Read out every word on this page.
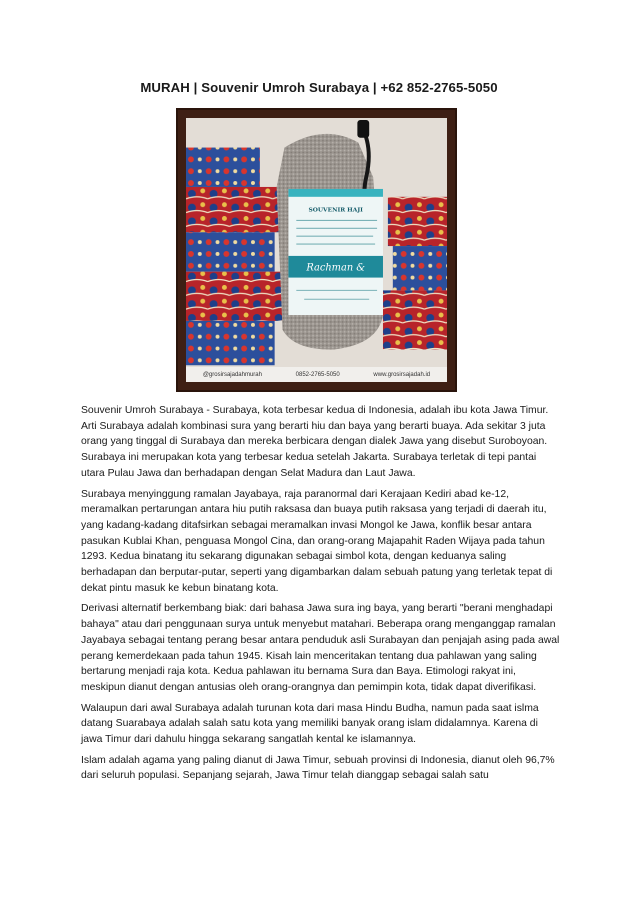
MURAH | Souvenir Umroh Surabaya | +62 852-2765-5050
SOUVENIR HAJI
Rachman &
@grosirsajadahmurah	0852-2765-5050	www.grosirsajadah.id

Souvenir Umroh Surabaya - Surabaya, kota terbesar kedua di Indonesia, adalah ibu kota Jawa Timur. Arti Surabaya adalah kombinasi sura yang berarti hiu dan baya yang berarti buaya. Ada sekitar 3 juta orang yang tinggal di Surabaya dan mereka berbicara dengan dialek Jawa yang disebut Suroboyoan. Surabaya ini merupakan kota yang terbesar kedua setelah Jakarta. Surabaya terletak di tepi pantai utara Pulau Jawa dan berhadapan dengan Selat Madura dan Laut Jawa.

Surabaya menyinggung ramalan Jayabaya, raja paranormal dari Kerajaan Kediri abad ke-12, meramalkan pertarungan antara hiu putih raksasa dan buaya putih raksasa yang terjadi di daerah itu, yang kadang-kadang ditafsirkan sebagai meramalkan invasi Mongol ke Jawa, konflik besar antara pasukan Kublai Khan, penguasa Mongol Cina, dan orang-orang Majapahit Raden Wijaya pada tahun 1293. Kedua binatang itu sekarang digunakan sebagai simbol kota, dengan keduanya saling berhadapan dan berputar-putar, seperti yang digambarkan dalam sebuah patung yang terletak tepat di dekat pintu masuk ke kebun binatang kota.

Derivasi alternatif berkembang biak: dari bahasa Jawa sura ing baya, yang berarti "berani menghadapi bahaya" atau dari penggunaan surya untuk menyebut matahari. Beberapa orang menganggap ramalan Jayabaya sebagai tentang perang besar antara penduduk asli Surabayan dan penjajah asing pada awal perang kemerdekaan pada tahun 1945. Kisah lain menceritakan tentang dua pahlawan yang saling bertarung menjadi raja kota. Kedua pahlawan itu bernama Sura dan Baya. Etimologi rakyat ini, meskipun dianut dengan antusias oleh orang-orangnya dan pemimpin kota, tidak dapat diverifikasi.

Walaupun dari awal Surabaya adalah turunan kota dari masa Hindu Budha, namun pada saat islma datang Suarabaya adalah salah satu kota yang memiliki banyak orang islam didalamnya. Karena di jawa Timur dari dahulu hingga sekarang sangatlah kental ke islamannya.

Islam adalah agama yang paling dianut di Jawa Timur, sebuah provinsi di Indonesia, dianut oleh 96,7% dari seluruh populasi. Sepanjang sejarah, Jawa Timur telah dianggap sebagai salah satu
